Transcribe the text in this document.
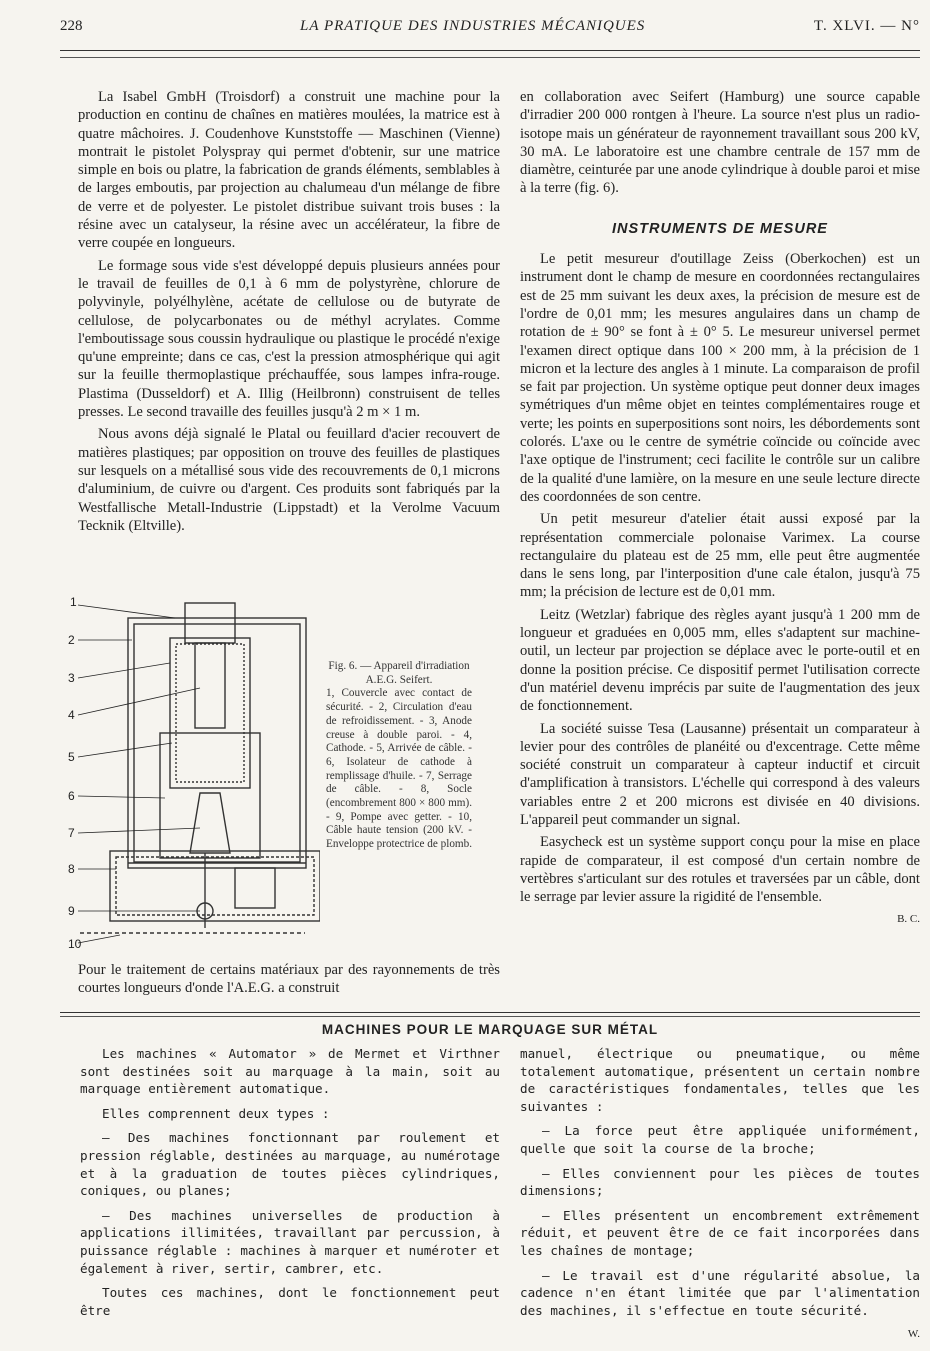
228	LA PRATIQUE DES INDUSTRIES MÉCANIQUES	T. XLVI. — N°

La Isabel GmbH (Troisdorf) a construit une machine pour la production en continu de chaînes en matières moulées, la matrice est à quatre mâchoires. J. Coudenhove Kunststoffe — Maschinen (Vienne) montrait le pistolet Polyspray qui permet d'obtenir, sur une matrice simple en bois ou platre, la fabrication de grands éléments, semblables à de larges emboutis, par projection au chalumeau d'un mélange de fibre de verre et de polyester. Le pistolet distribue suivant trois buses : la résine avec un catalyseur, la résine avec un accélérateur, la fibre de verre coupée en longueurs.

Le formage sous vide s'est développé depuis plusieurs années pour le travail de feuilles de 0,1 à 6 mm de polystyrène, chlorure de polyvinyle, polyélhylène, acétate de cellulose ou de butyrate de cellulose, de polycarbonates ou de méthyl acrylates. Comme l'emboutissage sous coussin hydraulique ou plastique le procédé n'exige qu'une empreinte; dans ce cas, c'est la pression atmosphérique qui agit sur la feuille thermoplastique préchauffée, sous lampes infra-rouge. Plastima (Dusseldorf) et A. Illig (Heilbronn) construisent de telles presses. Le second travaille des feuilles jusqu'à 2 m × 1 m.

Nous avons déjà signalé le Platal ou feuillard d'acier recouvert de matières plastiques; par opposition on trouve des feuilles de plastiques sur lesquels on a métallisé sous vide des recouvrements de 0,1 microns d'aluminium, de cuivre ou d'argent. Ces produits sont fabriqués par la Westfallische Metall-Industrie (Lippstadt) et la Verolme Vacuum Tecknik (Eltville).

1
2
3
4
5
6
7
8
9
10
Fig. 6. — Appareil d'irradiation A.E.G. Seifert.
1, Couvercle avec contact de sécurité. - 2, Circulation d'eau de refroidissement. - 3, Anode creuse à double paroi. - 4, Cathode. - 5, Arrivée de câble. - 6, Isolateur de cathode à remplissage d'huile. - 7, Serrage de câble. - 8, Socle (encombrement 800 × 800 mm). - 9, Pompe avec getter. - 10, Câble haute tension (200 kV. - Enveloppe protectrice de plomb.
Pour le traitement de certains matériaux par des rayonnements de très courtes longueurs d'onde l'A.E.G. a construit

en collaboration avec Seifert (Hamburg) une source capable d'irradier 200 000 rontgen à l'heure. La source n'est plus un radio-isotope mais un générateur de rayonnement travaillant sous 200 kV, 30 mA. Le laboratoire est une chambre centrale de 157 mm de diamètre, ceinturée par une anode cylindrique à double paroi et mise à la terre (fig. 6).

INSTRUMENTS DE MESURE

Le petit mesureur d'outillage Zeiss (Oberkochen) est un instrument dont le champ de mesure en coordonnées rectangulaires est de 25 mm suivant les deux axes, la précision de mesure est de l'ordre de 0,01 mm; les mesures angulaires dans un champ de rotation de ± 90° se font à ± 0° 5. Le mesureur universel permet l'examen direct optique dans 100 × 200 mm, à la précision de 1 micron et la lecture des angles à 1 minute. La comparaison de profil se fait par projection. Un système optique peut donner deux images symétriques d'un même objet en teintes complémentaires rouge et verte; les points en superpositions sont noirs, les débordements sont colorés. L'axe ou le centre de symétrie coïncide ou coïncide avec l'axe optique de l'instrument; ceci facilite le contrôle sur un calibre de la qualité d'une lamière, on la mesure en une seule lecture directe des coordonnées de son centre.

Un petit mesureur d'atelier était aussi exposé par la représentation commerciale polonaise Varimex. La course rectangulaire du plateau est de 25 mm, elle peut être augmentée dans le sens long, par l'interposition d'une cale étalon, jusqu'à 75 mm; la précision de lecture est de 0,01 mm.

Leitz (Wetzlar) fabrique des règles ayant jusqu'à 1 200 mm de longueur et graduées en 0,005 mm, elles s'adaptent sur machine-outil, un lecteur par projection se déplace avec le porte-outil et en donne la position précise. Ce dispositif permet l'utilisation correcte d'un matériel devenu imprécis par suite de l'augmentation des jeux de fonctionnement.

La société suisse Tesa (Lausanne) présentait un comparateur à levier pour des contrôles de planéité ou d'excentrage. Cette même société construit un comparateur à capteur inductif et circuit d'amplification à transistors. L'échelle qui correspond à des valeurs variables entre 2 et 200 microns est divisée en 40 divisions. L'appareil peut commander un signal.

Easycheck est un système support conçu pour la mise en place rapide de comparateur, il est composé d'un certain nombre de vertèbres s'articulant sur des rotules et traversées par un câble, dont le serrage par levier assure la rigidité de l'ensemble.

B. C.
MACHINES POUR LE MARQUAGE SUR MÉTAL

Les machines « Automator » de Mermet et Virthner sont destinées soit au marquage à la main, soit au marquage entièrement automatique.

Elles comprennent deux types :

— Des machines fonctionnant par roulement et pression réglable, destinées au marquage, au numérotage et à la graduation de toutes pièces cylindriques, coniques, ou planes;

— Des machines universelles de production à applications illimitées, travaillant par percussion, à puissance réglable : machines à marquer et numéroter et également à river, sertir, cambrer, etc.

Toutes ces machines, dont le fonctionnement peut être

manuel, électrique ou pneumatique, ou même totalement automatique, présentent un certain nombre de caractéristiques fondamentales, telles que les suivantes :

— La force peut être appliquée uniformément, quelle que soit la course de la broche;

— Elles conviennent pour les pièces de toutes dimensions;

— Elles présentent un encombrement extrêmement réduit, et peuvent être de ce fait incorporées dans les chaînes de montage;

— Le travail est d'une régularité absolue, la cadence n'en étant limitée que par l'alimentation des machines, il s'effectue en toute sécurité.

W.
